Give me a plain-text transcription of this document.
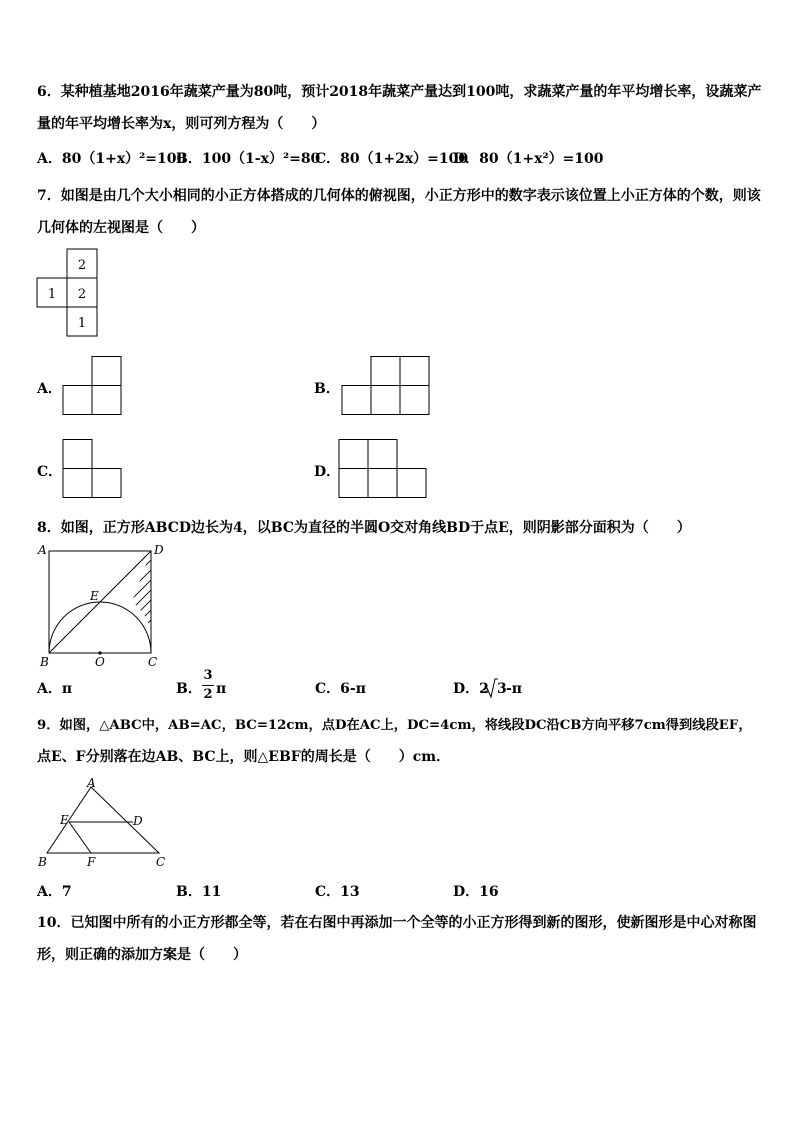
6．某种植基地2016年蔬菜产量为80吨，预计2018年蔬菜产量达到100吨，求蔬菜产量的年平均增长率，设蔬菜产
量的年平均增长率为x，则可列方程为（　　）
A．80（1+x）²=100
B．100（1-x）²=80
C．80（1+2x）=100
D．80（1+x²）=100
7．如图是由几个大小相同的小正方体搭成的几何体的俯视图，小正方形中的数字表示该位置上小正方体的个数，则该
几何体的左视图是（　　）
2
1 2
1
A．	B．
C．	D．
8．如图，正方形ABCD边长为4，以BC为直径的半圆O交对角线BD于点E，则阴影部分面积为（　　）
A	D
E
B	O	C
A．π	B．
3
2 π	C．6-π	D．2 3 -π
9．如图，△ABC中，AB=AC，BC=12cm，点D在AC上，DC=4cm，将线段DC沿CB方向平移7cm得到线段EF，
点E、F分别落在边AB、BC上，则△EBF的周长是（　　）cm．
A
E	D
B	F	C
A．7	B．11	C．13	D．16
10．已知图中所有的小正方形都全等，若在右图中再添加一个全等的小正方形得到新的图形，使新图形是中心对称图
形，则正确的添加方案是（　　）
